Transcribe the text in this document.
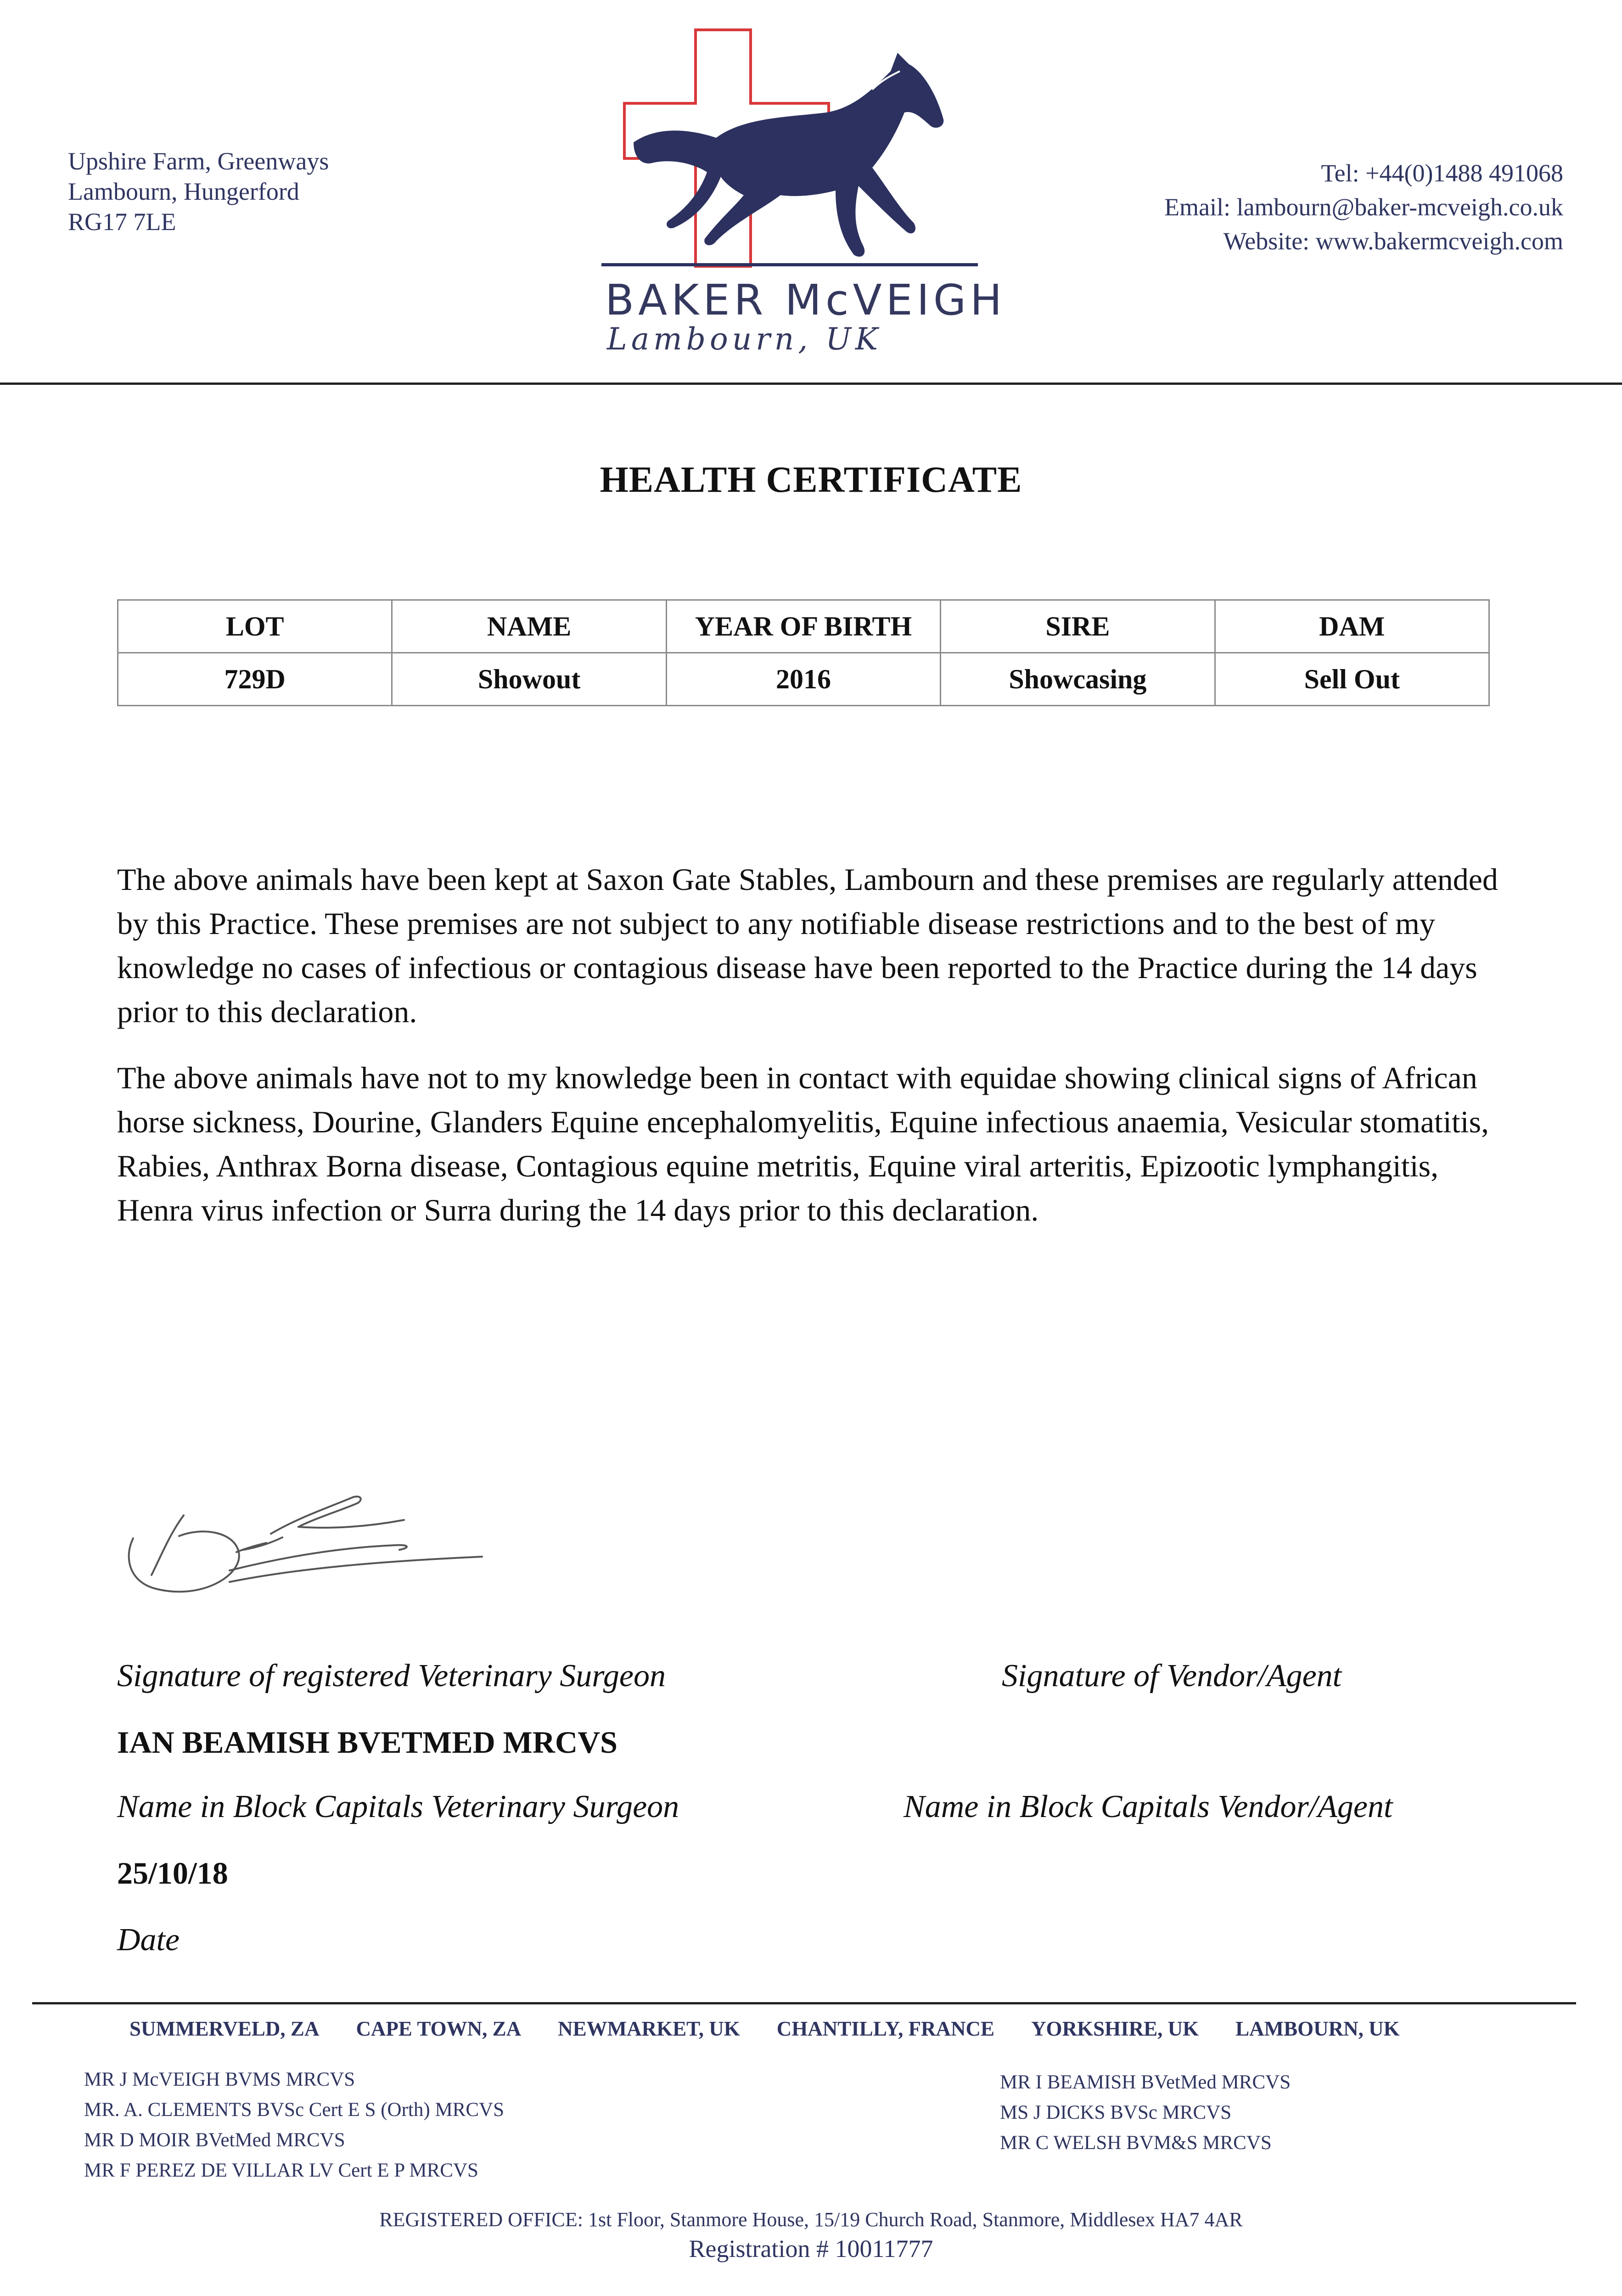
Upshire Farm, Greenways
Lambourn, Hungerford
RG17 7LE
Tel: +44(0)1488 491068
Email: lambourn@baker-mcveigh.co.uk
Website: www.bakermcveigh.com
BAKER McVEIGH
Lambourn, UK
HEALTH CERTIFICATE
LOT	NAME	YEAR OF BIRTH	SIRE	DAM
729D	Showout	2016	Showcasing	Sell Out

The above animals have been kept at Saxon Gate Stables, Lambourn and these premises are regularly attended by this Practice. These premises are not subject to any notifiable disease restrictions and to the best of my knowledge no cases of infectious or contagious disease have been reported to the Practice during the 14 days prior to this declaration.

The above animals have not to my knowledge been in contact with equidae showing clinical signs of African horse sickness, Dourine, Glanders Equine encephalomyelitis, Equine infectious anaemia, Vesicular stomatitis, Rabies, Anthrax Borna disease, Contagious equine metritis, Equine viral arteritis, Epizootic lymphangitis, Henra virus infection or Surra during the 14 days prior to this declaration.

Signature of registered Veterinary Surgeon	Signature of Vendor/Agent
IAN BEAMISH BVETMED MRCVS
Name in Block Capitals Veterinary Surgeon	Name in Block Capitals Vendor/Agent
25/10/18
Date
SUMMERVELD, ZA CAPE TOWN, ZA NEWMARKET, UK CHANTILLY, FRANCE YORKSHIRE, UK LAMBOURN, UK
MR J McVEIGH BVMS MRCVS
MR. A. CLEMENTS BVSc Cert E S (Orth) MRCVS
MR D MOIR BVetMed MRCVS
MR F PEREZ DE VILLAR LV Cert E P MRCVS
MR I BEAMISH BVetMed MRCVS
MS J DICKS BVSc MRCVS
MR C WELSH BVM&S MRCVS
REGISTERED OFFICE: 1st Floor, Stanmore House, 15/19 Church Road, Stanmore, Middlesex HA7 4AR
Registration # 10011777
